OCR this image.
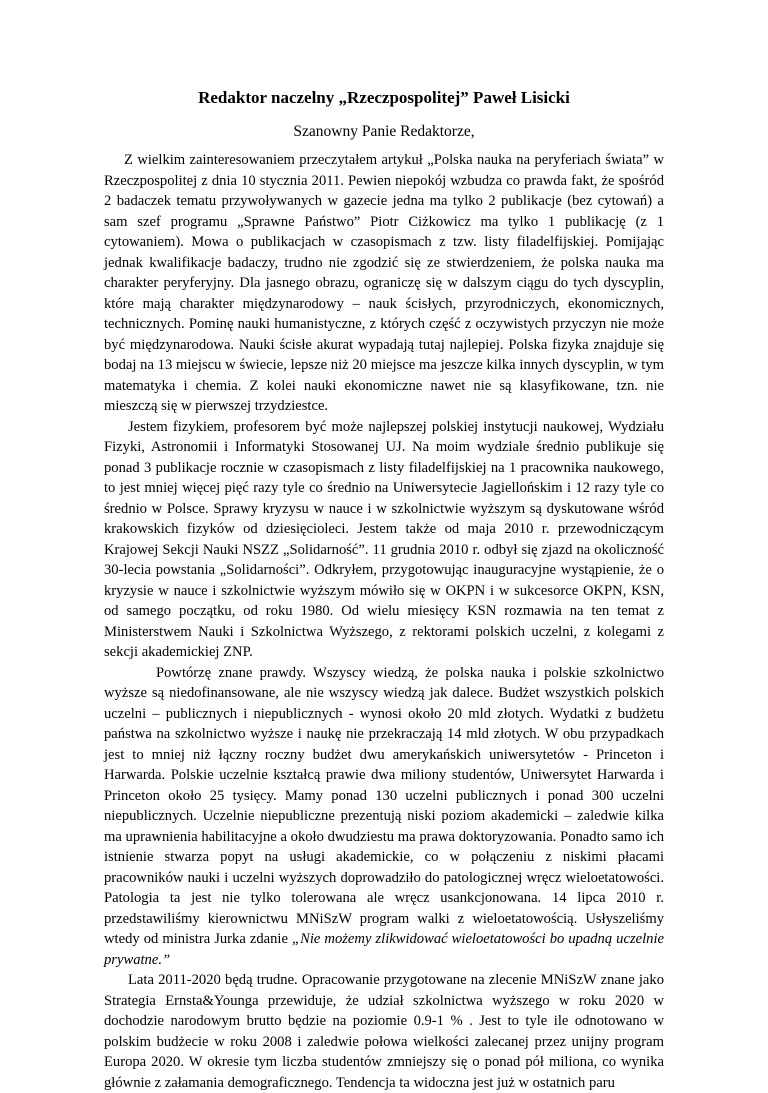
Redaktor naczelny „Rzeczpospolitej” Paweł Lisicki

Szanowny Panie Redaktorze,

Z wielkim zainteresowaniem przeczytałem artykuł „Polska nauka na peryferiach świata” w Rzeczpospolitej z dnia 10 stycznia 2011. Pewien niepokój wzbudza co prawda fakt, że spośród 2 badaczek tematu przywoływanych w gazecie jedna ma tylko 2 publikacje (bez cytowań) a sam szef programu „Sprawne Państwo” Piotr Ciżkowicz ma tylko 1 publikację (z 1 cytowaniem). Mowa o publikacjach w czasopismach z tzw. listy filadelfijskiej. Pomijając jednak kwalifikacje badaczy, trudno nie zgodzić się ze stwierdzeniem, że polska nauka ma charakter peryferyjny. Dla jasnego obrazu, ograniczę się w dalszym ciągu do tych dyscyplin, które mają charakter międzynarodowy – nauk ścisłych, przyrodniczych, ekonomicznych, technicznych. Pominę nauki humanistyczne, z których część z oczywistych przyczyn nie może być międzynarodowa. Nauki ścisłe akurat wypadają tutaj najlepiej. Polska fizyka znajduje się bodaj na 13 miejscu w świecie, lepsze niż 20 miejsce ma jeszcze kilka innych dyscyplin, w tym matematyka i chemia. Z kolei nauki ekonomiczne nawet nie są klasyfikowane, tzn. nie mieszczą się w pierwszej trzydziestce.

Jestem fizykiem, profesorem być może najlepszej polskiej instytucji naukowej, Wydziału Fizyki, Astronomii i Informatyki Stosowanej UJ. Na moim wydziale średnio publikuje się ponad 3 publikacje rocznie w czasopismach z listy filadelfijskiej na 1 pracownika naukowego, to jest mniej więcej pięć razy tyle co średnio na Uniwersytecie Jagiellońskim i 12 razy tyle co średnio w Polsce. Sprawy kryzysu w nauce i w szkolnictwie wyższym są dyskutowane wśród krakowskich fizyków od dziesięcioleci. Jestem także od maja 2010 r. przewodniczącym Krajowej Sekcji Nauki NSZZ „Solidarność”. 11 grudnia 2010 r. odbył się zjazd na okoliczność 30-lecia powstania „Solidarności”. Odkryłem, przygotowując inauguracyjne wystąpienie, że o kryzysie w nauce i szkolnictwie wyższym mówiło się w OKPN i w sukcesorce OKPN, KSN, od samego początku, od roku 1980. Od wielu miesięcy KSN rozmawia na ten temat z Ministerstwem Nauki i Szkolnictwa Wyższego, z rektorami polskich uczelni, z kolegami z sekcji akademickiej ZNP.

Powtórzę znane prawdy. Wszyscy wiedzą, że polska nauka i polskie szkolnictwo wyższe są niedofinansowane, ale nie wszyscy wiedzą jak dalece. Budżet wszystkich polskich uczelni – publicznych i niepublicznych - wynosi około 20 mld złotych. Wydatki z budżetu państwa na szkolnictwo wyższe i naukę nie przekraczają 14 mld złotych. W obu przypadkach jest to mniej niż łączny roczny budżet dwu amerykańskich uniwersytetów - Princeton i Harwarda. Polskie uczelnie kształcą prawie dwa miliony studentów, Uniwersytet Harwarda i Princeton około 25 tysięcy. Mamy ponad 130 uczelni publicznych i ponad 300 uczelni niepublicznych. Uczelnie niepubliczne prezentują niski poziom akademicki – zaledwie kilka ma uprawnienia habilitacyjne a około dwudziestu ma prawa doktoryzowania. Ponadto samo ich istnienie stwarza popyt na usługi akademickie, co w połączeniu z niskimi płacami pracowników nauki i uczelni wyższych doprowadziło do patologicznej wręcz wieloetatowości. Patologia ta jest nie tylko tolerowana ale wręcz usankcjonowana. 14 lipca 2010 r. przedstawiliśmy kierownictwu MNiSzW program walki z wieloetatowością. Usłyszeliśmy wtedy od ministra Jurka zdanie „Nie możemy zlikwidować wieloetatowości bo upadną uczelnie prywatne.”

Lata 2011-2020 będą trudne. Opracowanie przygotowane na zlecenie MNiSzW znane jako Strategia Ernsta&Younga przewiduje, że udział szkolnictwa wyższego w roku 2020 w dochodzie narodowym brutto będzie na poziomie 0.9-1 % . Jest to tyle ile odnotowano w polskim budżecie w roku 2008 i zaledwie połowa wielkości zalecanej przez unijny program Europa 2020. W okresie tym liczba studentów zmniejszy się o ponad pół miliona, co wynika głównie z załamania demograficznego. Tendencja ta widoczna jest już w ostatnich paru
